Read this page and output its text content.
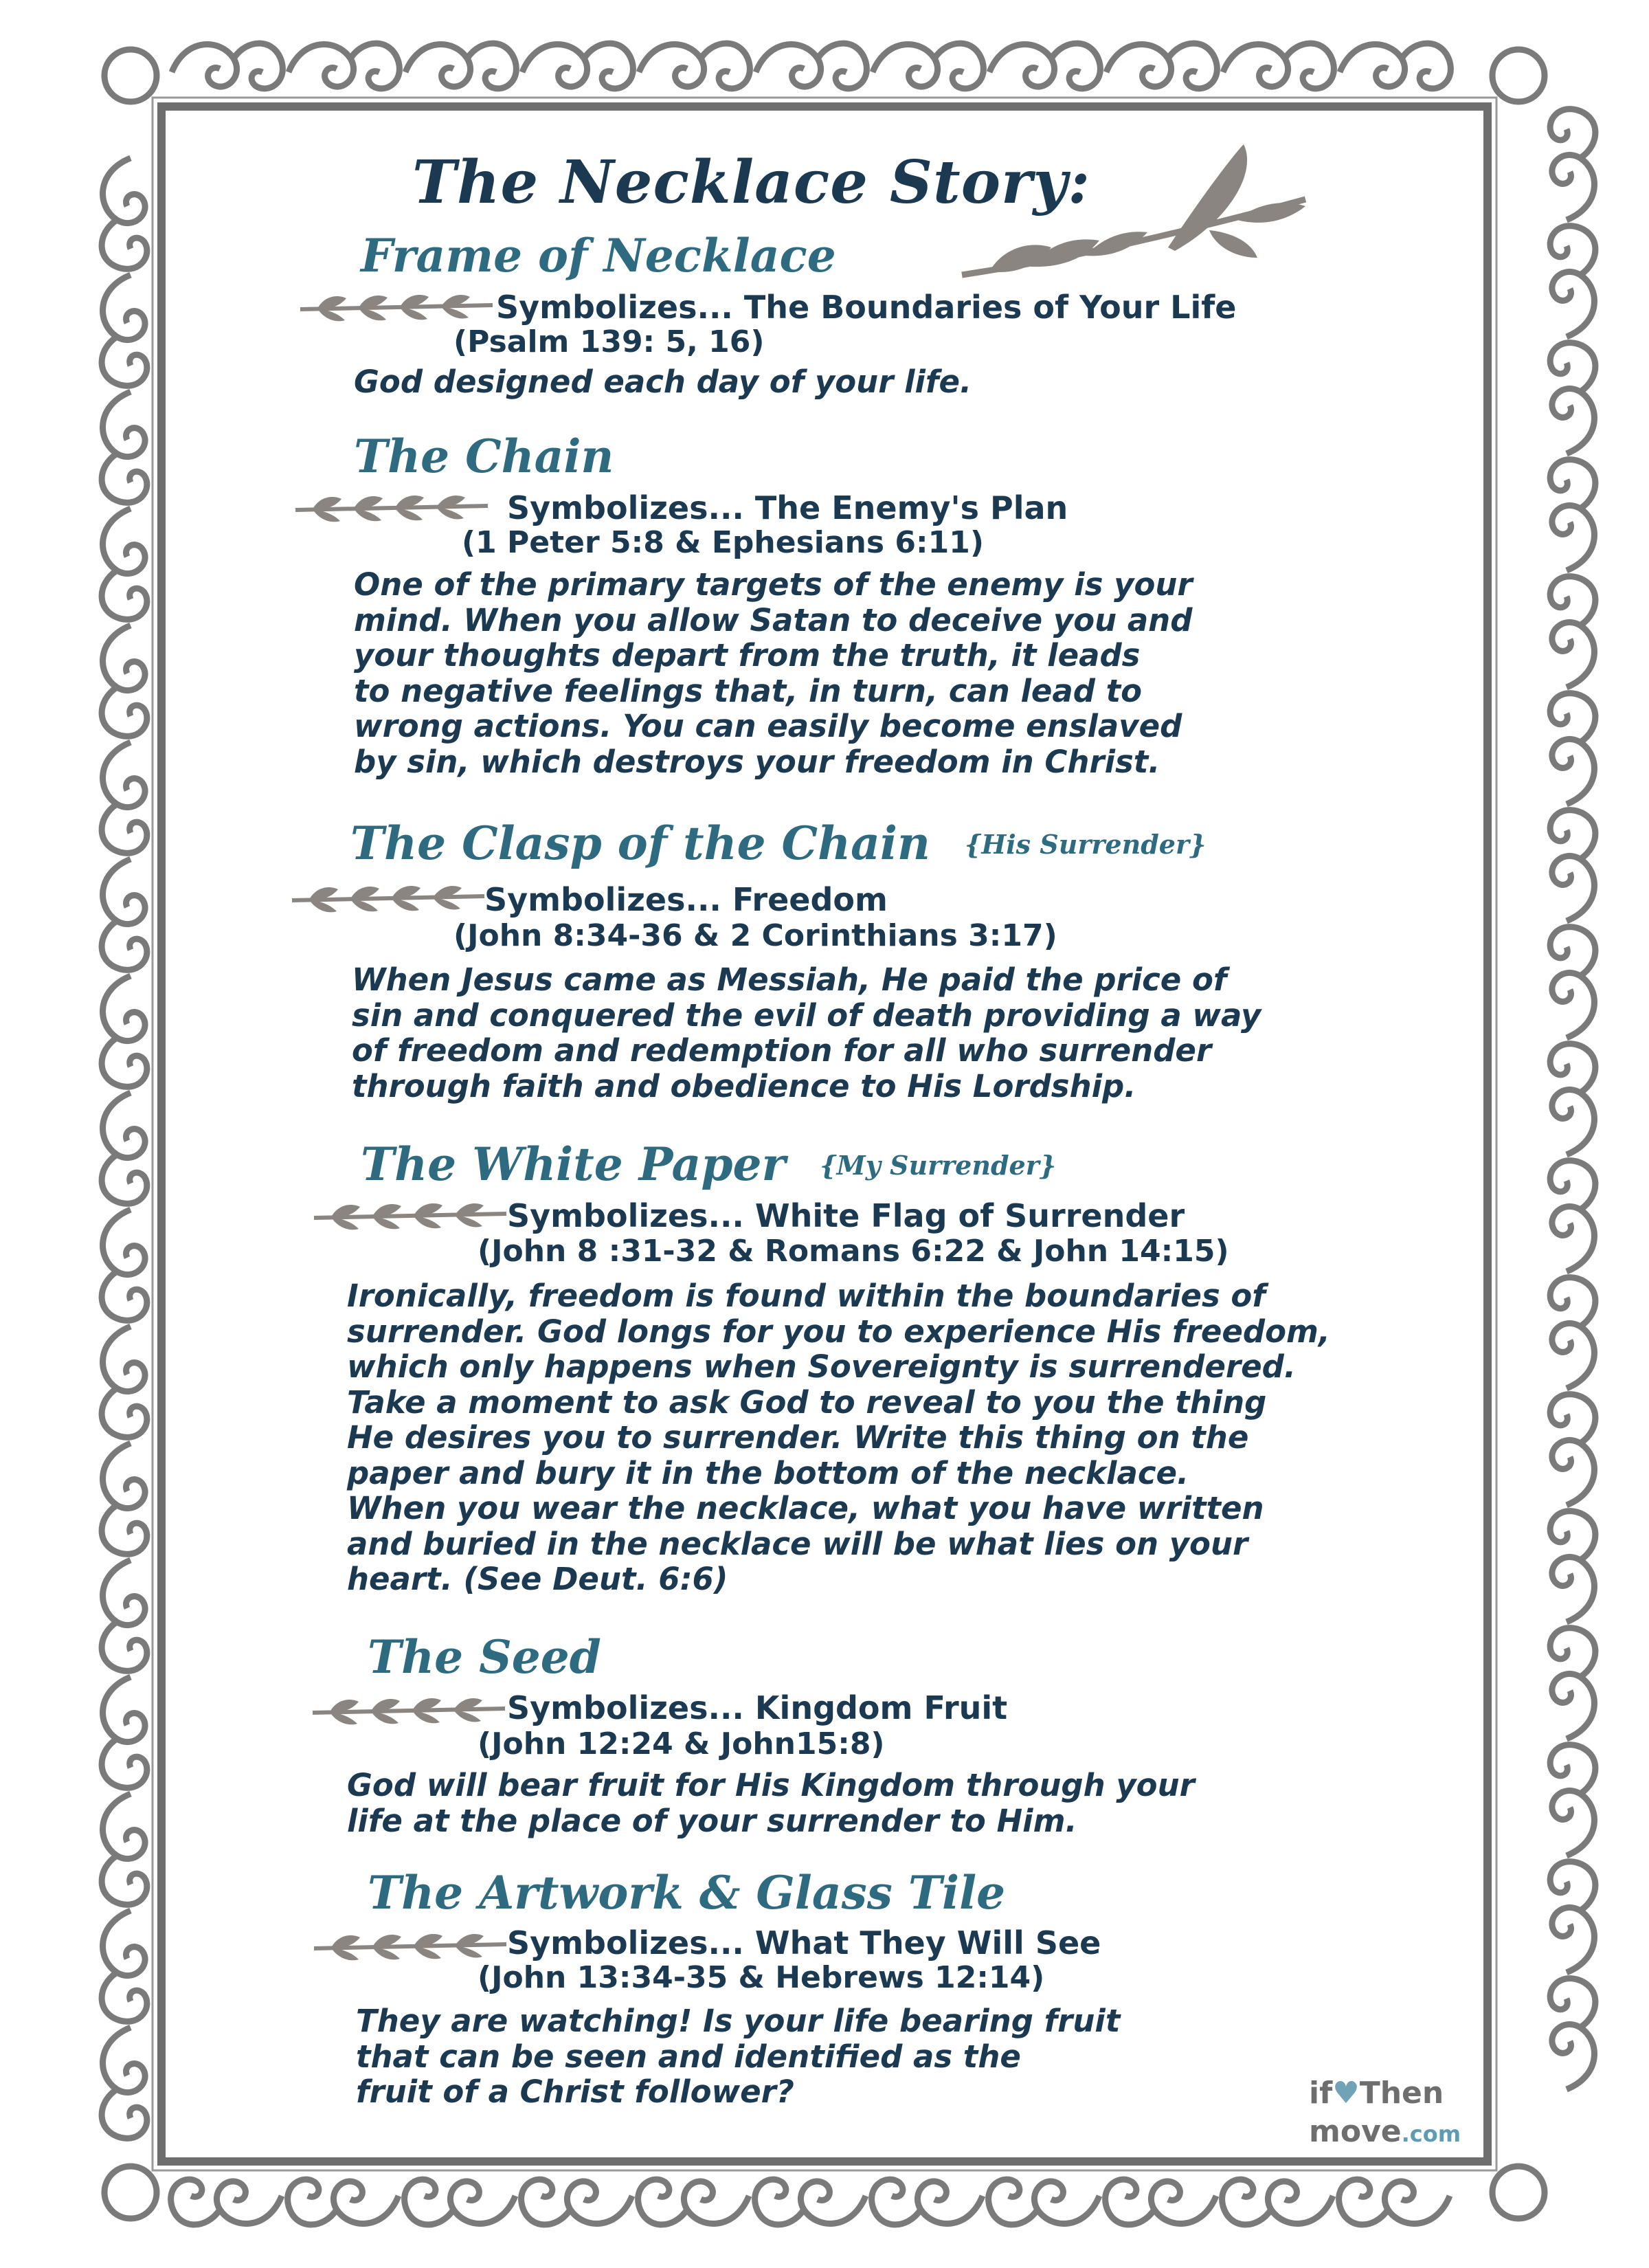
The Necklace Story:
Frame of Necklace
Symbolizes... The Boundaries of Your Life
(Psalm 139: 5, 16)
God designed each day of your life.
The Chain
Symbolizes... The Enemy's Plan
(1 Peter 5:8 & Ephesians 6:11)
One of the primary targets of the enemy is your
mind. When you allow Satan to deceive you and
your thoughts depart from the truth, it leads
to negative feelings that, in turn, can lead to
wrong actions. You can easily become enslaved
by sin, which destroys your freedom in Christ.
The Clasp of the Chain {His Surrender}
Symbolizes... Freedom
(John 8:34-36 & 2 Corinthians 3:17)
When Jesus came as Messiah, He paid the price of
sin and conquered the evil of death providing a way
of freedom and redemption for all who surrender
through faith and obedience to His Lordship.
The White Paper {My Surrender}
Symbolizes... White Flag of Surrender
(John 8 :31-32 & Romans 6:22 & John 14:15)
Ironically, freedom is found within the boundaries of
surrender. God longs for you to experience His freedom,
which only happens when Sovereignty is surrendered.
Take a moment to ask God to reveal to you the thing
He desires you to surrender. Write this thing on the
paper and bury it in the bottom of the necklace.
When you wear the necklace, what you have written
and buried in the necklace will be what lies on your
heart. (See Deut. 6:6)
The Seed
Symbolizes... Kingdom Fruit
(John 12:24 & John15:8)
God will bear fruit for His Kingdom through your
life at the place of your surrender to Him.
The Artwork & Glass Tile
Symbolizes... What They Will See
(John 13:34-35 & Hebrews 12:14)
They are watching! Is your life bearing fruit
that can be seen and identified as the
fruit of a Christ follower?	if♥Then
move.com
